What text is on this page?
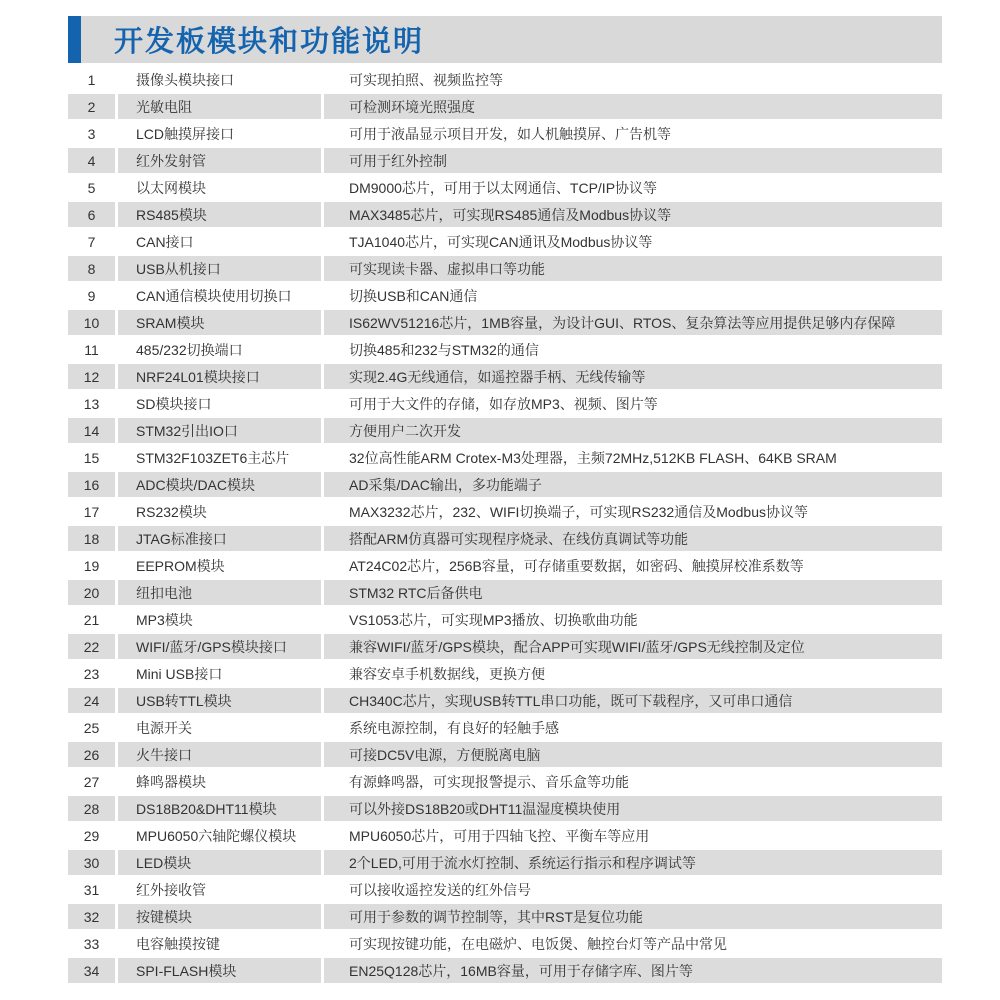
开发板模块和功能说明
1	摄像头模块接口	可实现拍照、视频监控等
2	光敏电阻	可检测环境光照强度
3	LCD触摸屏接口	可用于液晶显示项目开发，如人机触摸屏、广告机等
4	红外发射管	可用于红外控制
5	以太网模块	DM9000芯片，可用于以太网通信、TCP/IP协议等
6	RS485模块	MAX3485芯片，可实现RS485通信及Modbus协议等
7	CAN接口	TJA1040芯片，可实现CAN通讯及Modbus协议等
8	USB从机接口	可实现读卡器、虚拟串口等功能
9	CAN通信模块使用切换口	切换USB和CAN通信
10	SRAM模块	IS62WV51216芯片，1MB容量，为设计GUI、RTOS、复杂算法等应用提供足够内存保障
11	485/232切换端口	切换485和232与STM32的通信
12	NRF24L01模块接口	实现2.4G无线通信，如遥控器手柄、无线传输等
13	SD模块接口	可用于大文件的存储，如存放MP3、视频、图片等
14	STM32引出IO口	方便用户二次开发
15	STM32F103ZET6主芯片	32位高性能ARM Crotex-M3处理器，主频72MHz,512KB FLASH、64KB SRAM
16	ADC模块/DAC模块	AD采集/DAC输出，多功能端子
17	RS232模块	MAX3232芯片，232、WIFI切换端子，可实现RS232通信及Modbus协议等
18	JTAG标准接口	搭配ARM仿真器可实现程序烧录、在线仿真调试等功能
19	EEPROM模块	AT24C02芯片，256B容量，可存储重要数据，如密码、触摸屏校准系数等
20	纽扣电池	STM32 RTC后备供电
21	MP3模块	VS1053芯片，可实现MP3播放、切换歌曲功能
22	WIFI/蓝牙/GPS模块接口	兼容WIFI/蓝牙/GPS模块，配合APP可实现WIFI/蓝牙/GPS无线控制及定位
23	Mini USB接口	兼容安卓手机数据线，更换方便
24	USB转TTL模块	CH340C芯片，实现USB转TTL串口功能，既可下载程序，又可串口通信
25	电源开关	系统电源控制，有良好的轻触手感
26	火牛接口	可接DC5V电源，方便脱离电脑
27	蜂鸣器模块	有源蜂鸣器，可实现报警提示、音乐盒等功能
28	DS18B20&DHT11模块	可以外接DS18B20或DHT11温湿度模块使用
29	MPU6050六轴陀螺仪模块	MPU6050芯片，可用于四轴飞控、平衡车等应用
30	LED模块	2个LED,可用于流水灯控制、系统运行指示和程序调试等
31	红外接收管	可以接收遥控发送的红外信号
32	按键模块	可用于参数的调节控制等，其中RST是复位功能
33	电容触摸按键	可实现按键功能，在电磁炉、电饭煲、触控台灯等产品中常见
34	SPI-FLASH模块	EN25Q128芯片，16MB容量，可用于存储字库、图片等
